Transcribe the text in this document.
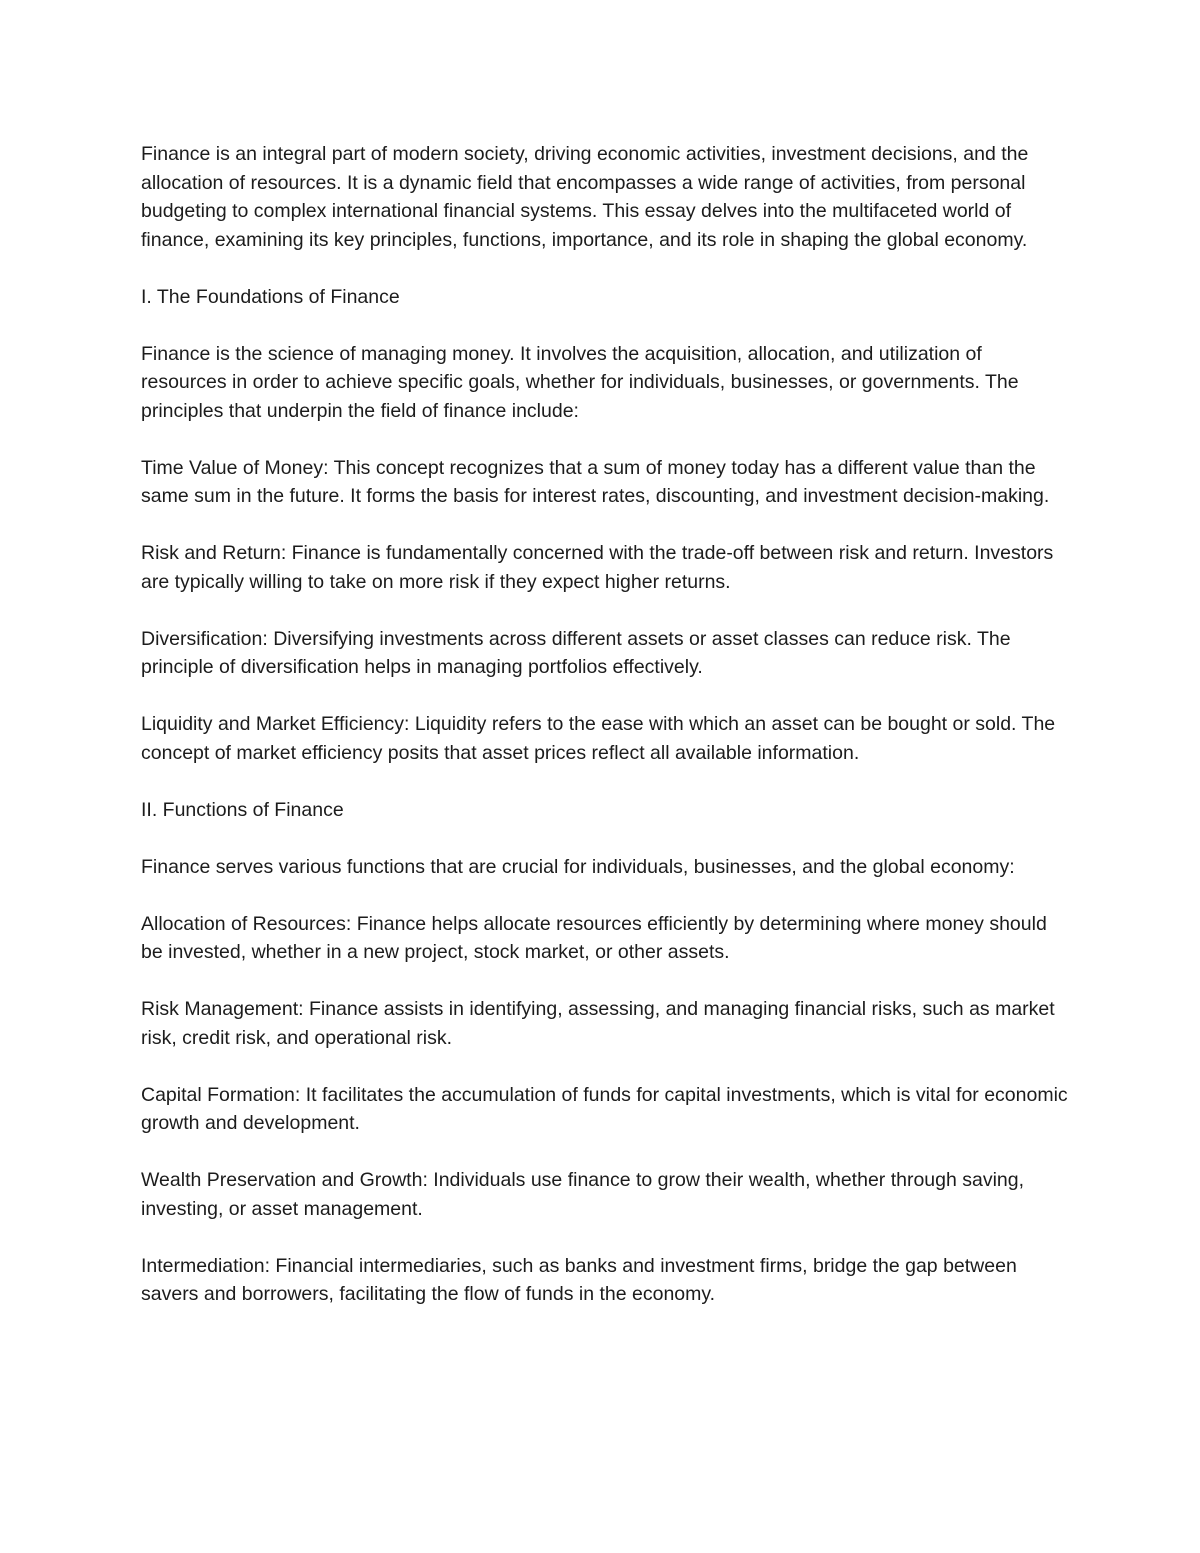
Finance is an integral part of modern society, driving economic activities, investment decisions, and the allocation of resources. It is a dynamic field that encompasses a wide range of activities, from personal budgeting to complex international financial systems. This essay delves into the multifaceted world of finance, examining its key principles, functions, importance, and its role in shaping the global economy.

I. The Foundations of Finance

Finance is the science of managing money. It involves the acquisition, allocation, and utilization of resources in order to achieve specific goals, whether for individuals, businesses, or governments. The principles that underpin the field of finance include:

Time Value of Money: This concept recognizes that a sum of money today has a different value than the same sum in the future. It forms the basis for interest rates, discounting, and investment decision-making.

Risk and Return: Finance is fundamentally concerned with the trade-off between risk and return. Investors are typically willing to take on more risk if they expect higher returns.

Diversification: Diversifying investments across different assets or asset classes can reduce risk. The principle of diversification helps in managing portfolios effectively.

Liquidity and Market Efficiency: Liquidity refers to the ease with which an asset can be bought or sold. The concept of market efficiency posits that asset prices reflect all available information.

II. Functions of Finance

Finance serves various functions that are crucial for individuals, businesses, and the global economy:

Allocation of Resources: Finance helps allocate resources efficiently by determining where money should be invested, whether in a new project, stock market, or other assets.

Risk Management: Finance assists in identifying, assessing, and managing financial risks, such as market risk, credit risk, and operational risk.

Capital Formation: It facilitates the accumulation of funds for capital investments, which is vital for economic growth and development.

Wealth Preservation and Growth: Individuals use finance to grow their wealth, whether through saving, investing, or asset management.

Intermediation: Financial intermediaries, such as banks and investment firms, bridge the gap between savers and borrowers, facilitating the flow of funds in the economy.
